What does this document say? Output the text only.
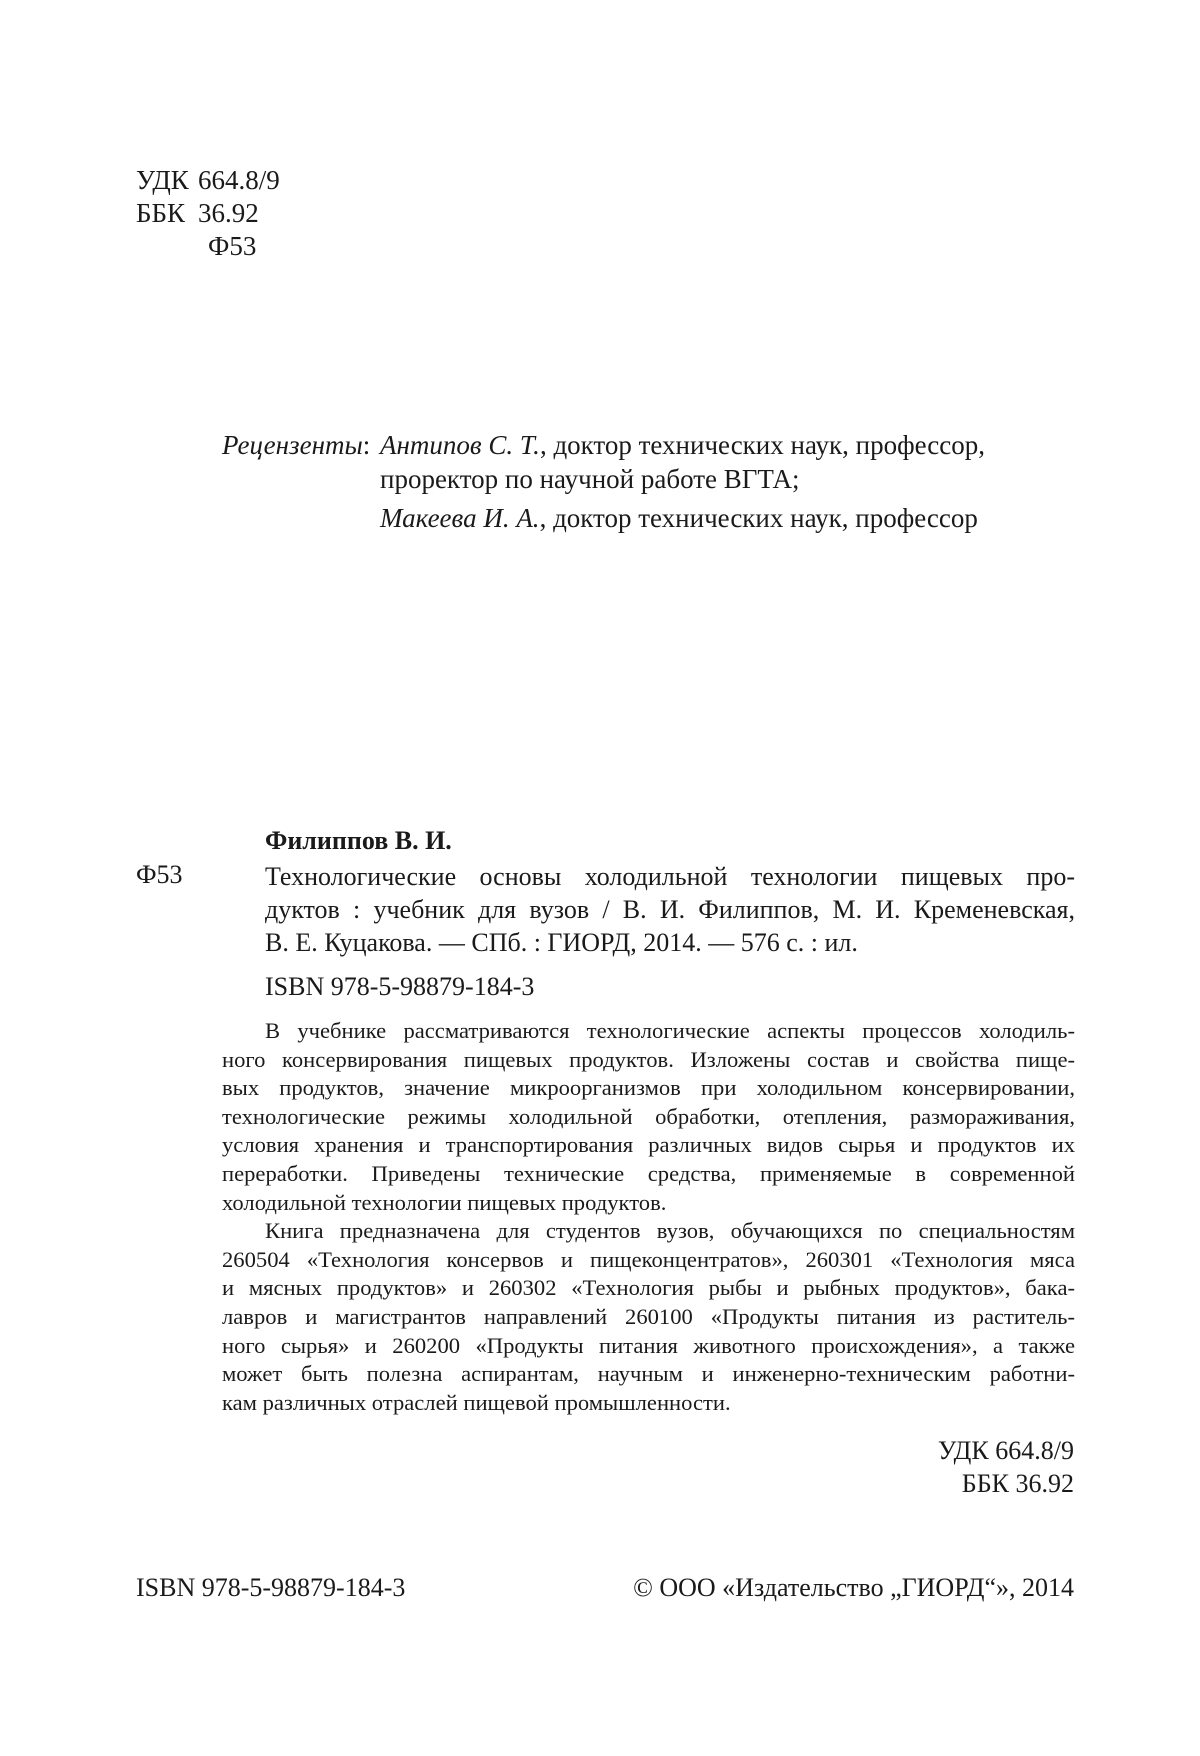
УДК 664.8/9
ББК 36.92
Ф53
Рецензенты: Антипов С. Т., доктор технических наук, профессор,
проректор по научной работе ВГТА;
Макеева И. А., доктор технических наук, профессор
Филиппов В. И.
Ф53	Технологические основы холодильной технологии пищевых про-
дуктов : учебник для вузов / В. И. Филиппов, М. И. Кременевская,
В. Е. Куцакова. — СПб. : ГИОРД, 2014. — 576 с. : ил.
ISBN 978-5-98879-184-3
В учебнике рассматриваются технологические аспекты процессов холодиль-
ного консервирования пищевых продуктов. Изложены состав и свойства пище-
вых продуктов, значение микроорганизмов при холодильном консервировании,
технологические режимы холодильной обработки, отепления, размораживания,
условия хранения и транспортирования различных видов сырья и продуктов их
переработки. Приведены технические средства, применяемые в современной
холодильной технологии пищевых продуктов.
Книга предназначена для студентов вузов, обучающихся по специальностям
260504 «Технология консервов и пищеконцентратов», 260301 «Технология мяса
и мясных продуктов» и 260302 «Технология рыбы и рыбных продуктов», бака-
лавров и магистрантов направлений 260100 «Продукты питания из раститель-
ного сырья» и 260200 «Продукты питания животного происхождения», а также
может быть полезна аспирантам, научным и инженерно-техническим работни-
кам различных отраслей пищевой промышленности.
УДК 664.8/9
ББК 36.92
ISBN 978-5-98879-184-3	© ООО «Издательство „ГИОРД“», 2014
